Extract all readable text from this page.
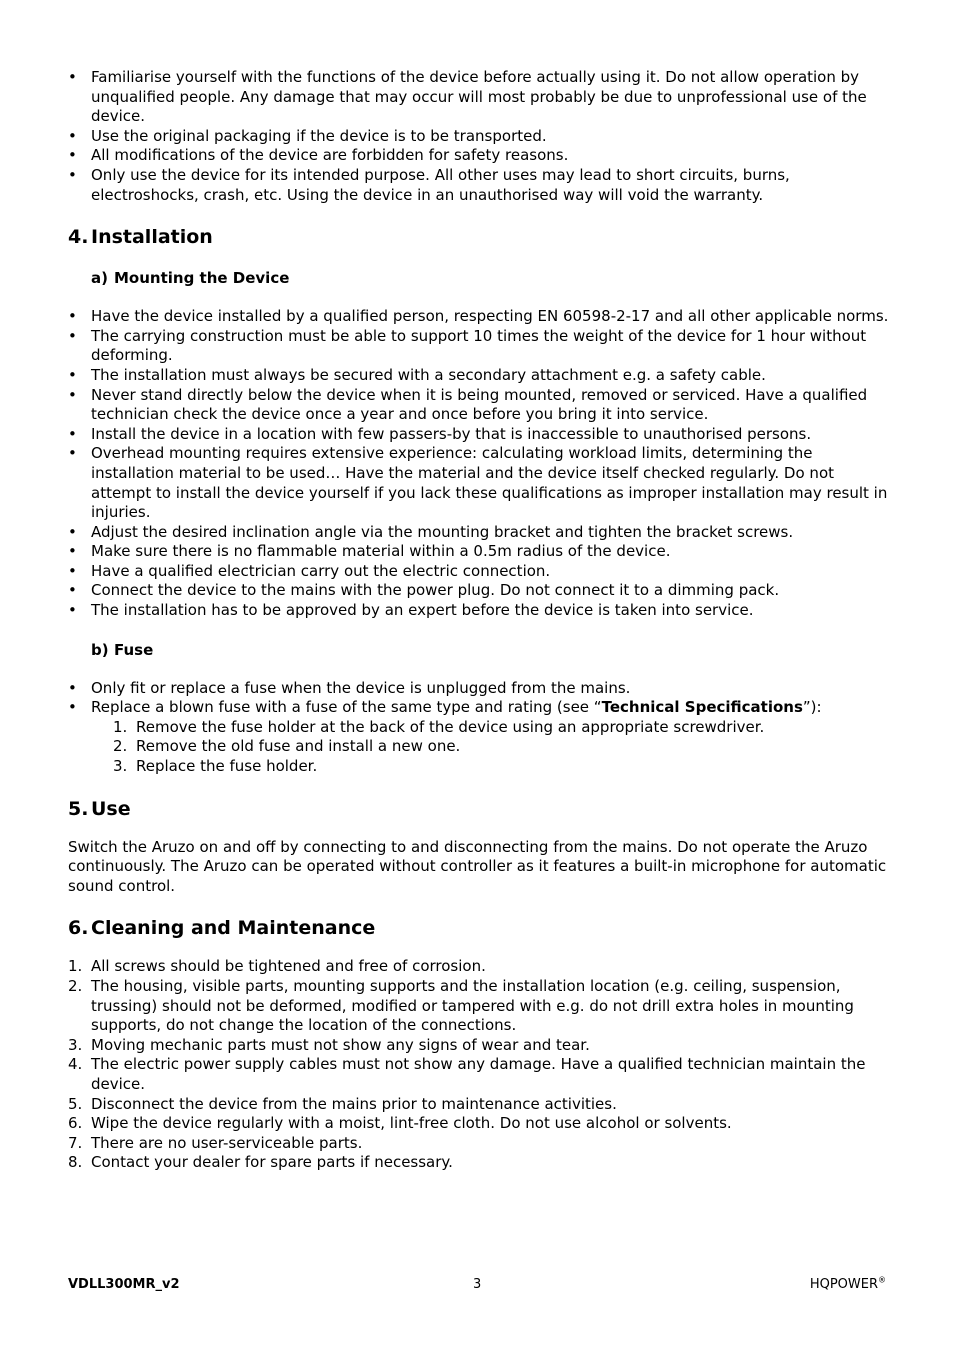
• Familiarise yourself with the functions of the device before actually using it. Do not allow operation by unqualified people. Any damage that may occur will most probably be due to unprofessional use of the device.
• Use the original packaging if the device is to be transported.
• All modifications of the device are forbidden for safety reasons.
• Only use the device for its intended purpose. All other uses may lead to short circuits, burns, electroshocks, crash, etc. Using the device in an unauthorised way will void the warranty.
4. Installation
a) Mounting the Device
• Have the device installed by a qualified person, respecting EN 60598-2-17 and all other applicable norms.
• The carrying construction must be able to support 10 times the weight of the device for 1 hour without deforming.
• The installation must always be secured with a secondary attachment e.g. a safety cable.
• Never stand directly below the device when it is being mounted, removed or serviced. Have a qualified technician check the device once a year and once before you bring it into service.
• Install the device in a location with few passers-by that is inaccessible to unauthorised persons.
• Overhead mounting requires extensive experience: calculating workload limits, determining the installation material to be used… Have the material and the device itself checked regularly. Do not attempt to install the device yourself if you lack these qualifications as improper installation may result in injuries.
• Adjust the desired inclination angle via the mounting bracket and tighten the bracket screws.
• Make sure there is no flammable material within a 0.5m radius of the device.
• Have a qualified electrician carry out the electric connection.
• Connect the device to the mains with the power plug. Do not connect it to a dimming pack.
• The installation has to be approved by an expert before the device is taken into service.
b) Fuse
• Only fit or replace a fuse when the device is unplugged from the mains.
• Replace a blown fuse with a fuse of the same type and rating (see “Technical Specifications”):
1. Remove the fuse holder at the back of the device using an appropriate screwdriver.
2. Remove the old fuse and install a new one.
3. Replace the fuse holder.
5. Use

Switch the Aruzo on and off by connecting to and disconnecting from the mains. Do not operate the Aruzo continuously. The Aruzo can be operated without controller as it features a built-in microphone for automatic sound control.

6. Cleaning and Maintenance
1. All screws should be tightened and free of corrosion.
2. The housing, visible parts, mounting supports and the installation location (e.g. ceiling, suspension, trussing) should not be deformed, modified or tampered with e.g. do not drill extra holes in mounting supports, do not change the location of the connections.
3. Moving mechanic parts must not show any signs of wear and tear.
4. The electric power supply cables must not show any damage. Have a qualified technician maintain the device.
5. Disconnect the device from the mains prior to maintenance activities.
6. Wipe the device regularly with a moist, lint-free cloth. Do not use alcohol or solvents.
7. There are no user-serviceable parts.
8. Contact your dealer for spare parts if necessary.
VDLL300MR_v2	3	HQPOWER®
